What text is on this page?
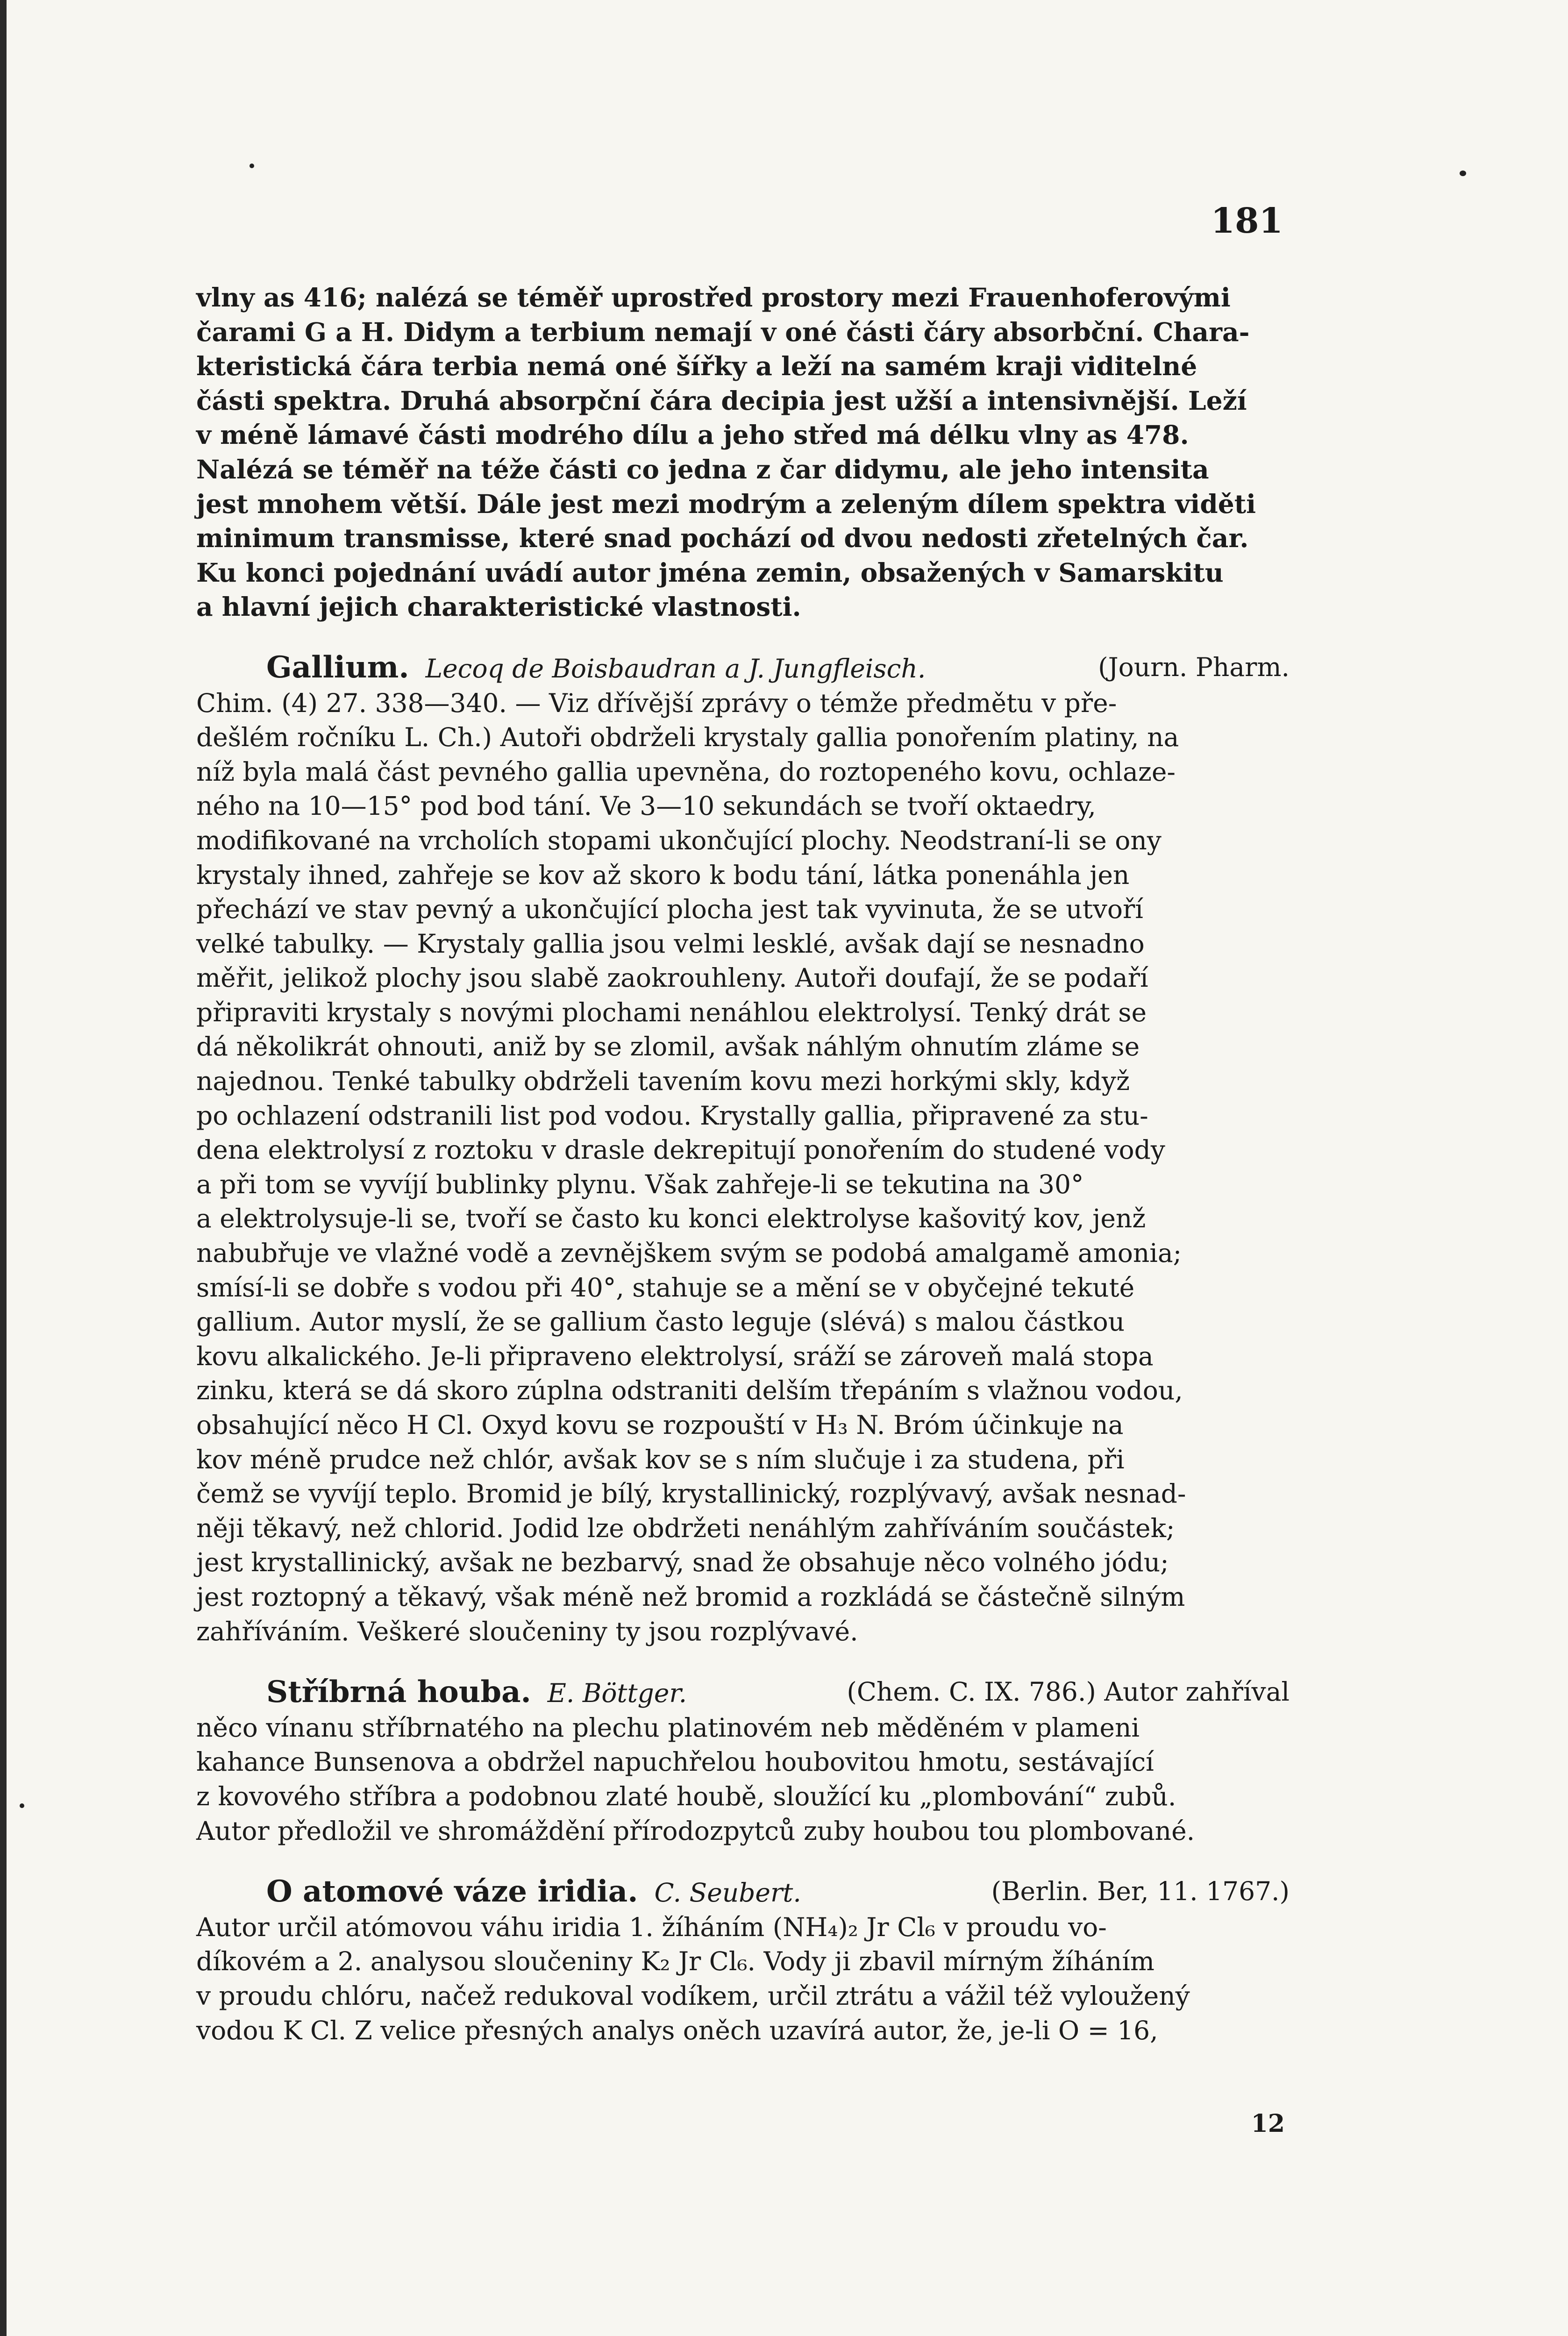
181
vlny as 416; nalézá se téměř uprostřed prostory mezi Frauenhoferovými
čarami G a H. Didym a terbium nemají v oné části čáry absorbční. Chara-
kteristická čára terbia nemá oné šířky a leží na samém kraji viditelné
části spektra. Druhá absorpční čára decipia jest užší a intensivnější. Leží
v méně lámavé části modrého dílu a jeho střed má délku vlny as 478.
Nalézá se téměř na téže části co jedna z čar didymu, ale jeho intensita
jest mnohem větší. Dále jest mezi modrým a zeleným dílem spektra viděti
minimum transmisse, které snad pochází od dvou nedosti zřetelných čar.
Ku konci pojednání uvádí autor jména zemin, obsažených v Samarskitu
a hlavní jejich charakteristické vlastnosti.
Gallium. Lecoq de Boisbaudran a J. Jungfleisch.	(Journ. Pharm.
Chim. (4) 27. 338—340. — Viz dřívější zprávy o témže předmětu v pře-
dešlém ročníku L. Ch.) Autoři obdrželi krystaly gallia ponořením platiny, na
níž byla malá část pevného gallia upevněna, do roztopeného kovu, ochlaze-
ného na 10—15° pod bod tání. Ve 3—10 sekundách se tvoří oktaedry,
modifikované na vrcholích stopami ukončující plochy. Neodstraní-li se ony
krystaly ihned, zahřeje se kov až skoro k bodu tání, látka ponenáhla jen
přechází ve stav pevný a ukončující plocha jest tak vyvinuta, že se utvoří
velké tabulky. — Krystaly gallia jsou velmi lesklé, avšak dají se nesnadno
měřit, jelikož plochy jsou slabě zaokrouhleny. Autoři doufají, že se podaří
připraviti krystaly s novými plochami nenáhlou elektrolysí. Tenký drát se
dá několikrát ohnouti, aniž by se zlomil, avšak náhlým ohnutím zláme se
najednou. Tenké tabulky obdrželi tavením kovu mezi horkými skly, když
po ochlazení odstranili list pod vodou. Krystally gallia, připravené za stu-
dena elektrolysí z roztoku v drasle dekrepitují ponořením do studené vody
a při tom se vyvíjí bublinky plynu. Však zahřeje-li se tekutina na 30°
a elektrolysuje-li se, tvoří se často ku konci elektrolyse kašovitý kov, jenž
nabubřuje ve vlažné vodě a zevnějškem svým se podobá amalgamě amonia;
smísí-li se dobře s vodou při 40°, stahuje se a mění se v obyčejné tekuté
gallium. Autor myslí, že se gallium často leguje (slévá) s malou částkou
kovu alkalického. Je-li připraveno elektrolysí, sráží se zároveň malá stopa
zinku, která se dá skoro zúplna odstraniti delším třepáním s vlažnou vodou,
obsahující něco H Cl. Oxyd kovu se rozpouští v H₃ N. Bróm účinkuje na
kov méně prudce než chlór, avšak kov se s ním slučuje i za studena, při
čemž se vyvíjí teplo. Bromid je bílý, krystallinický, rozplývavý, avšak nesnad-
něji těkavý, než chlorid. Jodid lze obdržeti nenáhlým zahříváním součástek;
jest krystallinický, avšak ne bezbarvý, snad že obsahuje něco volného jódu;
jest roztopný a těkavý, však méně než bromid a rozkládá se částečně silným
zahříváním. Veškeré sloučeniny ty jsou rozplývavé.
Stříbrná houba. E. Böttger.	(Chem. C. IX. 786.) Autor zahříval
něco vínanu stříbrnatého na plechu platinovém neb měděném v plameni
kahance Bunsenova a obdržel napuchřelou houbovitou hmotu, sestávající
z kovového stříbra a podobnou zlaté houbě, sloužící ku „plombování“ zubů.
Autor předložil ve shromáždění přírodozpytců zuby houbou tou plombované.
O atomové váze iridia. C. Seubert.	(Berlin. Ber, 11. 1767.)
Autor určil atómovou váhu iridia 1. žíháním (NH₄)₂ Jr Cl₆ v proudu vo-
díkovém a 2. analysou sloučeniny K₂ Jr Cl₆. Vody ji zbavil mírným žíháním
v proudu chlóru, načež redukoval vodíkem, určil ztrátu a vážil též vyloužený
vodou K Cl. Z velice přesných analys oněch uzavírá autor, že, je-li O = 16,
12
